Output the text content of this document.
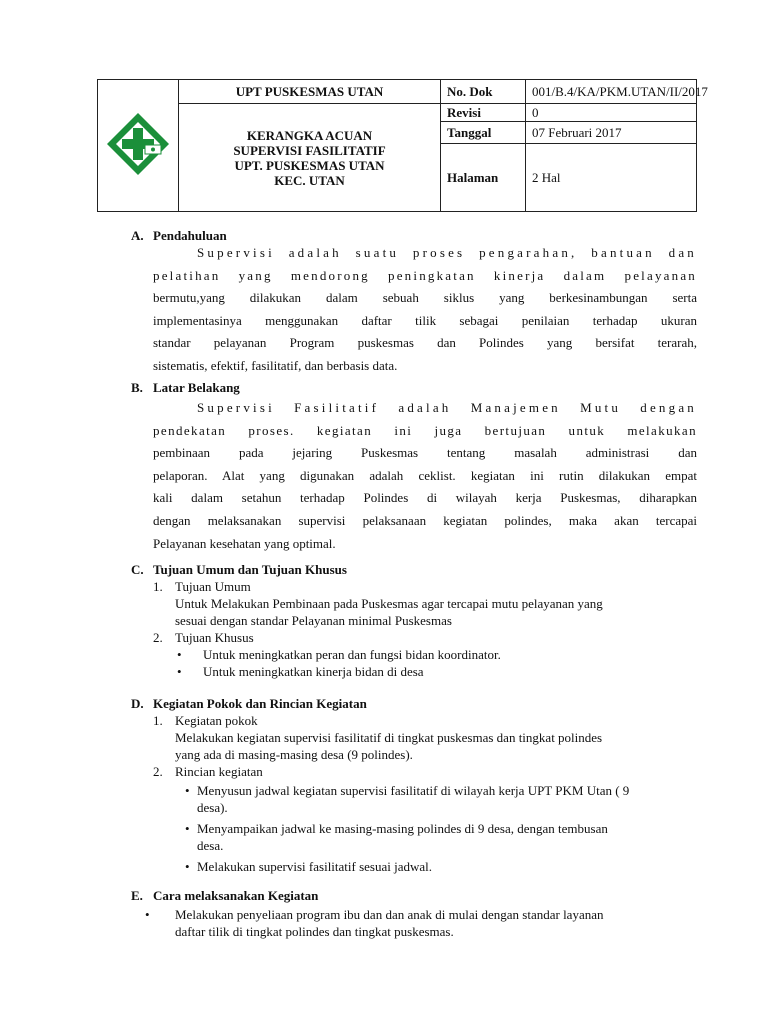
	UPT PUSKESMAS UTAN	No. Dok	001/B.4/KA/PKM.UTAN/II/2017

	KERANGKA ACUAN
SUPERVISI FASILITATIF
UPT. PUSKESMAS UTAN
KEC. UTAN	Revisi	0
		Tanggal	07 Februari 2017
		Halaman	2 Hal
A. Pendahuluan
Supervisi adalah suatu proses pengarahan, bantuan dan
pelatihan yang mendorong peningkatan kinerja dalam pelayanan
bermutu,yang dilakukan dalam sebuah siklus yang berkesinambungan serta
implementasinya menggunakan daftar tilik sebagai penilaian terhadap ukuran
standar pelayanan Program puskesmas dan Polindes yang bersifat terarah,
sistematis, efektif, fasilitatif, dan berbasis data.
B. Latar Belakang
Supervisi Fasilitatif adalah Manajemen Mutu dengan
pendekatan proses. kegiatan ini juga bertujuan untuk melakukan
pembinaan pada jejaring Puskesmas tentang masalah administrasi dan
pelaporan. Alat yang digunakan adalah ceklist. kegiatan ini rutin dilakukan empat
kali dalam setahun terhadap Polindes di wilayah kerja Puskesmas, diharapkan
dengan melaksanakan supervisi pelaksanaan kegiatan polindes, maka akan tercapai
Pelayanan kesehatan yang optimal.
C. Tujuan Umum dan Tujuan Khusus
1. Tujuan Umum
Untuk Melakukan Pembinaan pada Puskesmas agar tercapai mutu pelayanan yang
sesuai dengan standar Pelayanan minimal Puskesmas
2. Tujuan Khusus
•	Untuk meningkatkan peran dan fungsi bidan koordinator.
•	Untuk meningkatkan kinerja bidan di desa
D. Kegiatan Pokok dan Rincian Kegiatan
1. Kegiatan pokok
Melakukan kegiatan supervisi fasilitatif di tingkat puskesmas dan tingkat polindes
yang ada di masing-masing desa (9 polindes).
2. Rincian kegiatan
• Menyusun jadwal kegiatan supervisi fasilitatif di wilayah kerja UPT PKM Utan ( 9
desa).
• Menyampaikan jadwal ke masing-masing polindes di 9 desa, dengan tembusan
desa.
• Melakukan supervisi fasilitatif sesuai jadwal.
E. Cara melaksanakan Kegiatan
•	Melakukan penyeliaan program ibu dan dan anak di mulai dengan standar layanan
daftar tilik di tingkat polindes dan tingkat puskesmas.
